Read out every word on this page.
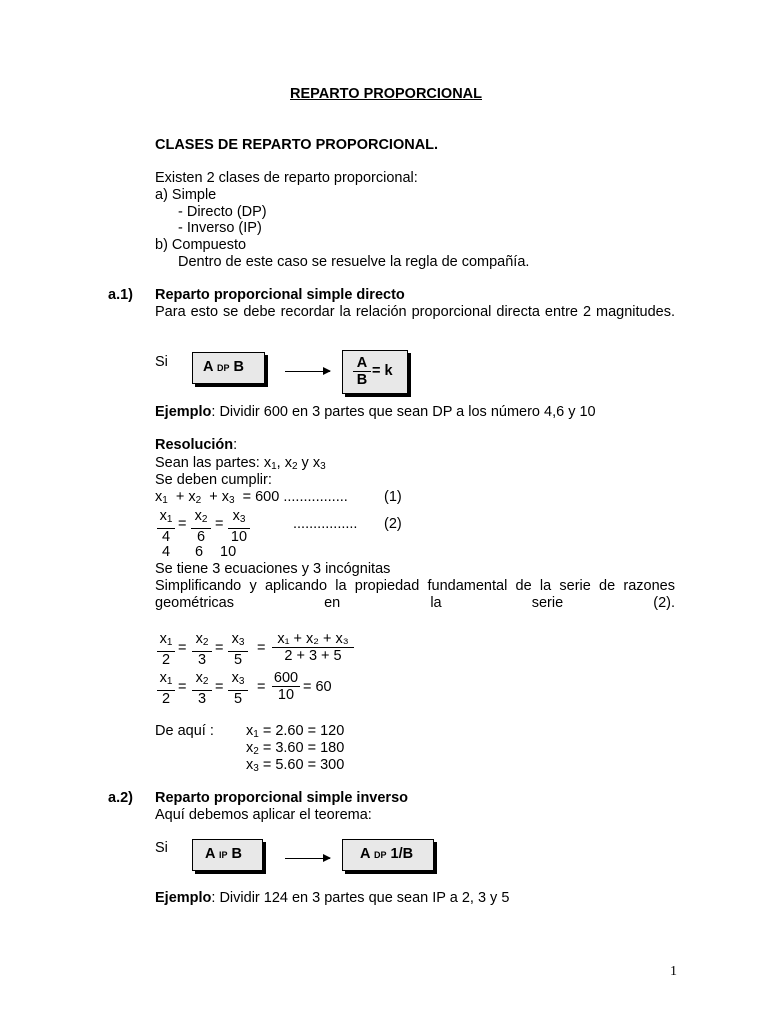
REPARTO PROPORCIONAL
CLASES DE REPARTO PROPORCIONAL.
Existen 2 clases de reparto proporcional:
a) Simple
- Directo (DP)
- Inverso (IP)
b) Compuesto
Dentro de este caso se resuelve la regla de compañía.
a.1) Reparto proporcional simple directo
Para esto se debe recordar la relación proporcional directa entre 2 magnitudes.
Si A DP B	$\frac{A}{B} = k$
Ejemplo: Dividir 600 en 3 partes que sean DP a los número 4,6 y 10
Resolución:
Sean las partes: $x_1$, $x_2$ y $x_3$
Se deben cumplir:
$x_1 + x_2 + x_3 = 600$ ................ (1)
$\frac{x_1}{4} = \frac{x_2}{6} = \frac{x_3}{10}$	................ (2)
4 6 10
Se tiene 3 ecuaciones y 3 incógnitas
Simplificando y aplicando la propiedad fundamental de la serie de razones geométricas en la serie (2).
$\frac{x_1}{2} = \frac{x_2}{3} = \frac{x_3}{5} = \frac{\text{x₁ + x₂ + x₃}}{2 + 3 + 5}$
$\frac{x_1}{2} = \frac{x_2}{3} = \frac{x_3}{5} = \frac{600}{10} = 60$
De aquí : $x_1 = 2.60 = 120$
$x_2 = 3.60 = 180$
$x_3 = 5.60 = 300$
a.2) Reparto proporcional simple inverso
Aquí debemos aplicar el teorema:
Si	A IP B	A DP 1/B
Ejemplo: Dividir 124 en 3 partes que sean IP a 2, 3 y 5
1
